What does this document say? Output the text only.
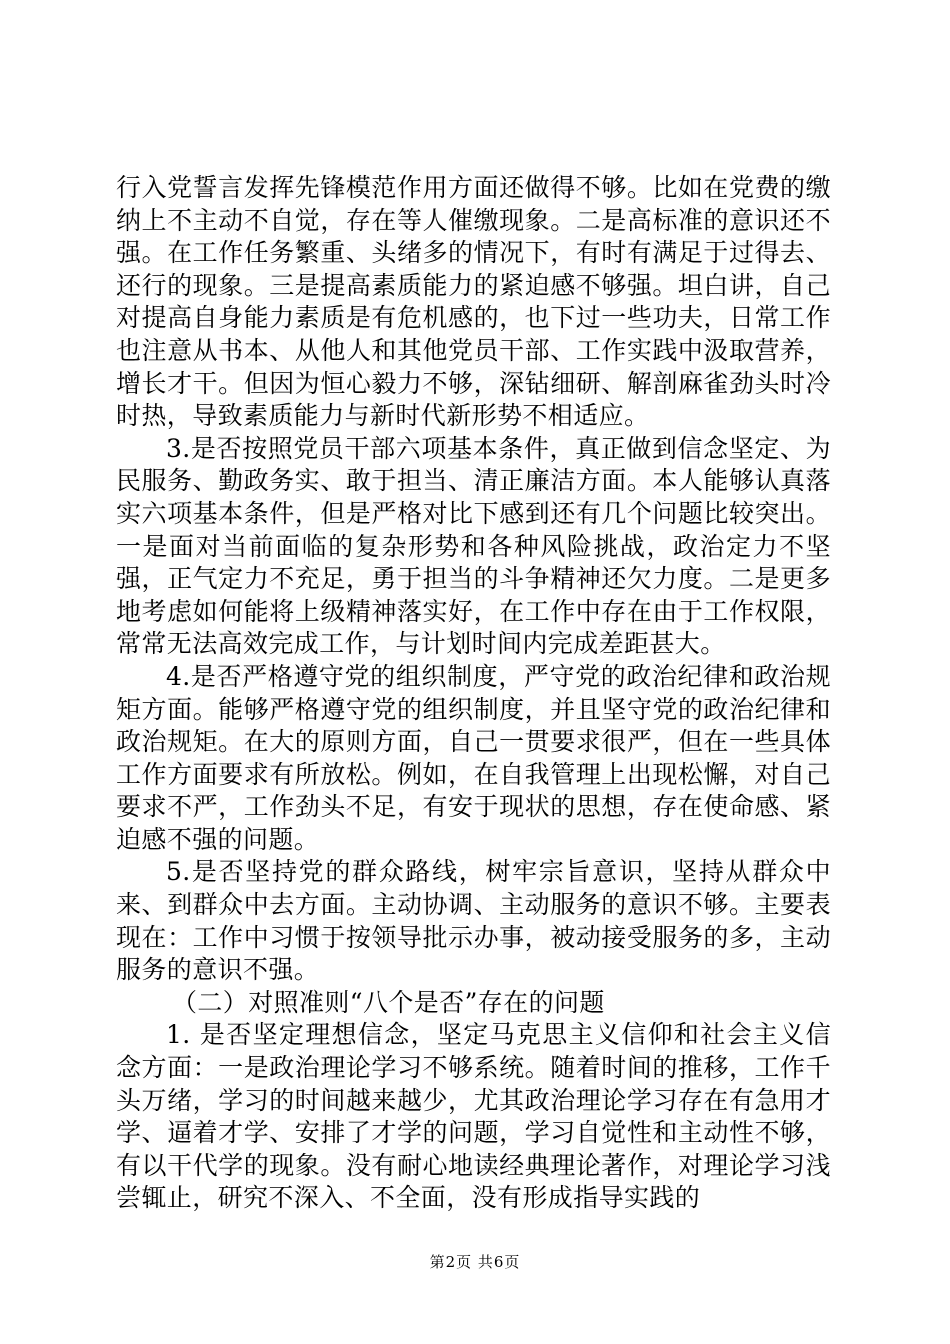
行入党誓言发挥先锋模范作用方面还做得不够。比如在党费的缴纳上不主动不自觉，存在等人催缴现象。二是高标准的意识还不强。在工作任务繁重、头绪多的情况下，有时有满足于过得去、还行的现象。三是提高素质能力的紧迫感不够强。坦白讲，自己对提高自身能力素质是有危机感的，也下过一些功夫，日常工作也注意从书本、从他人和其他党员干部、工作实践中汲取营养，增长才干。但因为恒心毅力不够，深钻细研、解剖麻雀劲头时冷时热，导致素质能力与新时代新形势不相适应。

3.是否按照党员干部六项基本条件，真正做到信念坚定、为民服务、勤政务实、敢于担当、清正廉洁方面。本人能够认真落实六项基本条件，但是严格对比下感到还有几个问题比较突出。一是面对当前面临的复杂形势和各种风险挑战，政治定力不坚强，正气定力不充足，勇于担当的斗争精神还欠力度。二是更多地考虑如何能将上级精神落实好，在工作中存在由于工作权限，常常无法高效完成工作，与计划时间内完成差距甚大。

4.是否严格遵守党的组织制度，严守党的政治纪律和政治规矩方面。能够严格遵守党的组织制度，并且坚守党的政治纪律和政治规矩。在大的原则方面，自己一贯要求很严，但在一些具体工作方面要求有所放松。例如，在自我管理上出现松懈，对自己要求不严，工作劲头不足，有安于现状的思想，存在使命感、紧迫感不强的问题。

5.是否坚持党的群众路线，树牢宗旨意识，坚持从群众中来、到群众中去方面。主动协调、主动服务的意识不够。主要表现在：工作中习惯于按领导批示办事，被动接受服务的多，主动服务的意识不强。

（二）对照准则“八个是否”存在的问题

1. 是否坚定理想信念，坚定马克思主义信仰和社会主义信念方面：一是政治理论学习不够系统。随着时间的推移，工作千头万绪，学习的时间越来越少，尤其政治理论学习存在有急用才学、逼着才学、安排了才学的问题，学习自觉性和主动性不够，有以干代学的现象。没有耐心地读经典理论著作，对理论学习浅尝辄止，研究不深入、不全面，没有形成指导实践的

第2页 共6页
